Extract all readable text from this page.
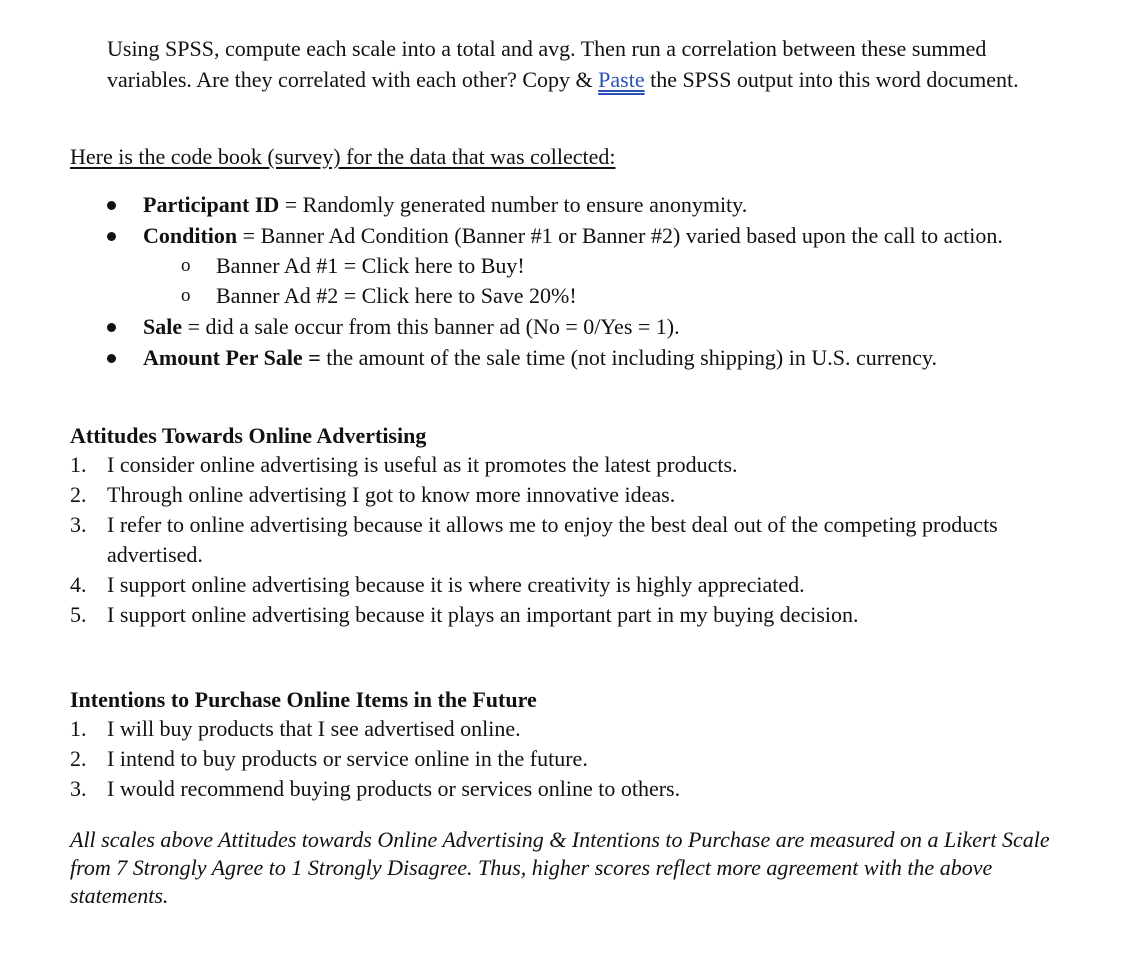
Using SPSS, compute each scale into a total and avg. Then run a correlation between these summed variables. Are they correlated with each other? Copy & Paste the SPSS output into this word document.
Here is the code book (survey) for the data that was collected:
Participant ID = Randomly generated number to ensure anonymity.
Condition = Banner Ad Condition (Banner #1 or Banner #2) varied based upon the call to action.
o Banner Ad #1 = Click here to Buy!
o Banner Ad #2 = Click here to Save 20%!
Sale = did a sale occur from this banner ad (No = 0/Yes = 1).
Amount Per Sale = the amount of the sale time (not including shipping) in U.S. currency.
Attitudes Towards Online Advertising
1. I consider online advertising is useful as it promotes the latest products.
2. Through online advertising I got to know more innovative ideas.
3. I refer to online advertising because it allows me to enjoy the best deal out of the competing products advertised.
4. I support online advertising because it is where creativity is highly appreciated.
5. I support online advertising because it plays an important part in my buying decision.
Intentions to Purchase Online Items in the Future
1. I will buy products that I see advertised online.
2. I intend to buy products or service online in the future.
3. I would recommend buying products or services online to others.
All scales above Attitudes towards Online Advertising & Intentions to Purchase are measured on a Likert Scale from 7 Strongly Agree to 1 Strongly Disagree. Thus, higher scores reflect more agreement with the above statements.
